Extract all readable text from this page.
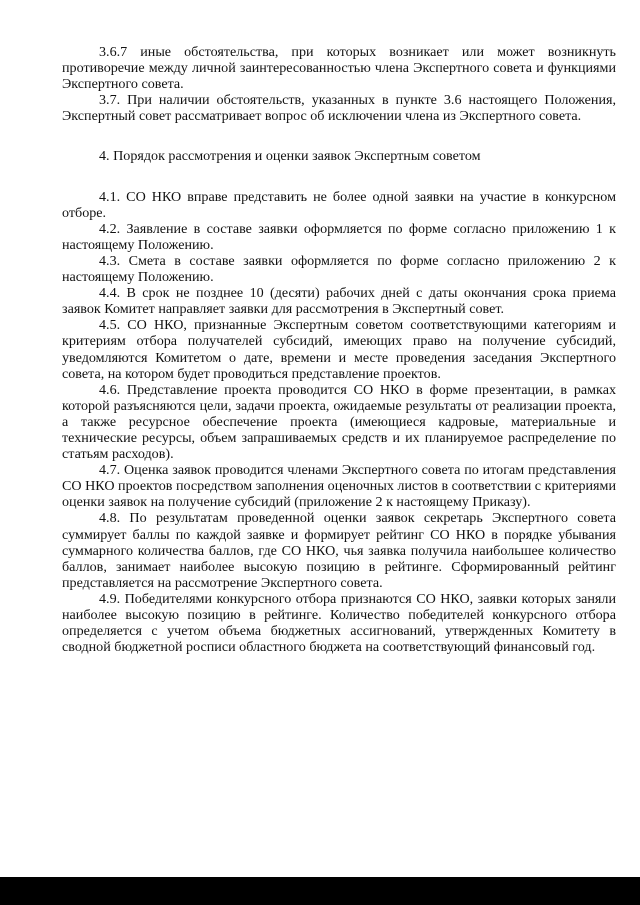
3.6.7 иные обстоятельства, при которых возникает или может возникнуть противоречие между личной заинтересованностью члена Экспертного совета и функциями Экспертного совета.

3.7. При наличии обстоятельств, указанных в пункте 3.6 настоящего Положения, Экспертный совет рассматривает вопрос об исключении члена из Экспертного совета.

4. Порядок рассмотрения и оценки заявок Экспертным советом

4.1. СО НКО вправе представить не более одной заявки на участие в конкурсном отборе.

4.2. Заявление в составе заявки оформляется по форме согласно приложению 1 к настоящему Положению.

4.3. Смета в составе заявки оформляется по форме согласно приложению 2 к настоящему Положению.

4.4. В срок не позднее 10 (десяти) рабочих дней с даты окончания срока приема заявок Комитет направляет заявки для рассмотрения в Экспертный совет.

4.5. СО НКО, признанные Экспертным советом соответствующими категориям и критериям отбора получателей субсидий, имеющих право на получение субсидий, уведомляются Комитетом о дате, времени и месте проведения заседания Экспертного совета, на котором будет проводиться представление проектов.

4.6. Представление проекта проводится СО НКО в форме презентации, в рамках которой разъясняются цели, задачи проекта, ожидаемые результаты от реализации проекта, а также ресурсное обеспечение проекта (имеющиеся кадровые, материальные и технические ресурсы, объем запрашиваемых средств и их планируемое распределение по статьям расходов).

4.7. Оценка заявок проводится членами Экспертного совета по итогам представления СО НКО проектов посредством заполнения оценочных листов в соответствии с критериями оценки заявок на получение субсидий (приложение 2 к настоящему Приказу).

4.8. По результатам проведенной оценки заявок секретарь Экспертного совета суммирует баллы по каждой заявке и формирует рейтинг СО НКО в порядке убывания суммарного количества баллов, где СО НКО, чья заявка получила наибольшее количество баллов, занимает наиболее высокую позицию в рейтинге. Сформированный рейтинг представляется на рассмотрение Экспертного совета.

4.9. Победителями конкурсного отбора признаются СО НКО, заявки которых заняли наиболее высокую позицию в рейтинге. Количество победителей конкурсного отбора определяется с учетом объема бюджетных ассигнований, утвержденных Комитету в сводной бюджетной росписи областного бюджета на соответствующий финансовый год.
